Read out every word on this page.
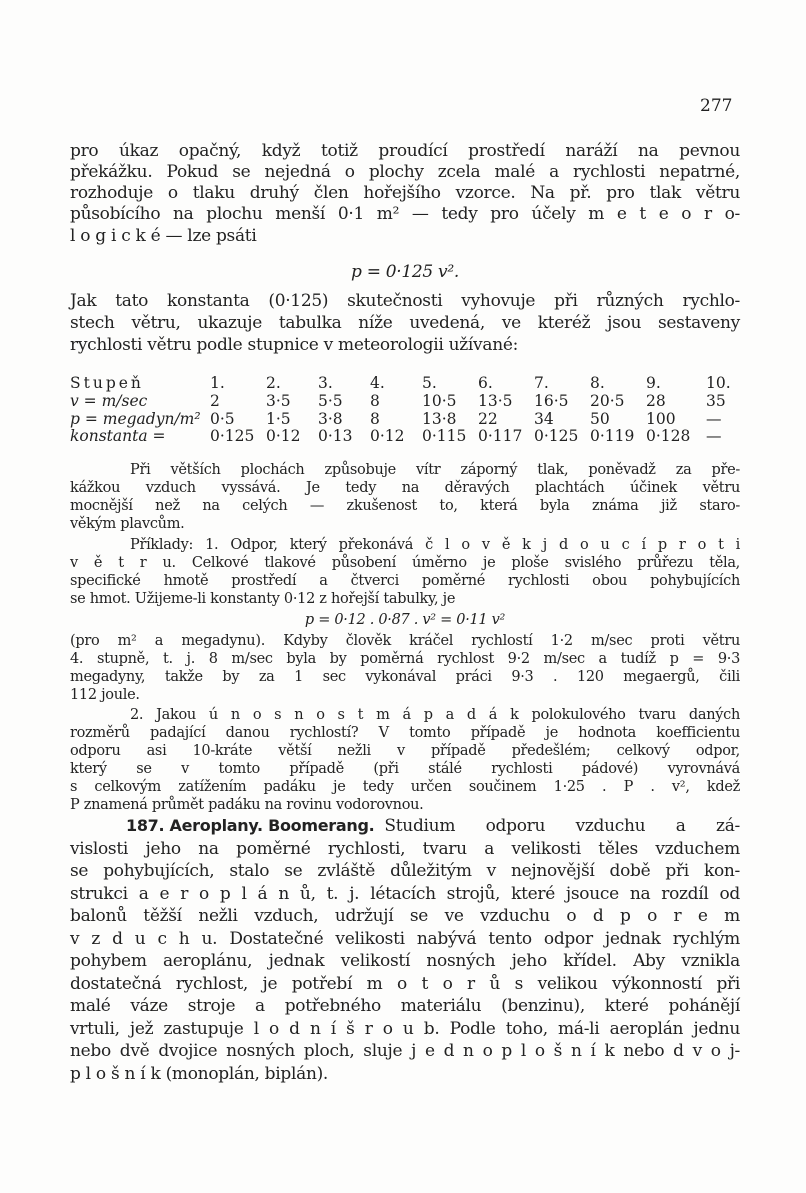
277
pro úkaz opačný, když totiž proudící prostředí naráží na pevnou
překážku. Pokud se nejedná o plochy zcela malé a rychlosti nepatrné,
rozhoduje o tlaku druhý člen hořejšího vzorce. Na př. pro tlak větru
působícího na plochu menší 0·1 m² — tedy pro účely m e t e o r o-
l o g i c k é — lze psáti
p = 0·125 v².
Jak tato konstanta (0·125) skutečnosti vyhovuje při různých rychlo-
stech větru, ukazuje tabulka níže uvedená, ve kteréž jsou sestaveny
rychlosti větru podle stupnice v meteorologii užívané:
Stupeň	1.	2. 3. 4. 5.	6.	7.	8.	9.	10.
v = m/sec	2	3·5 5·5 8	10·5 13·5 16·5 20·5 28	35
p = megadyn/m² 0·5 1·5 3·8 8	13·8 22 34 50 100 —
konstanta =	0·125 0·12 0·13 0·12 0·115 0·117 0·125 0·119 0·128 —
Při větších plochách způsobuje vítr záporný tlak, poněvadž za pře-
kážkou vzduch vyssává. Je tedy na děravých plachtách účinek větru
mocnější než na celých — zkušenost to, která byla známa již staro-
věkým plavcům.
Příklady: 1. Odpor, který překonává č l o v ě k j d o u c í p r o t i
v ě t r u. Celkové tlakové působení úměrno je ploše svislého průřezu těla,
specifické hmotě prostředí a čtverci poměrné rychlosti obou pohybujících
se hmot. Užijeme-li konstanty 0·12 z hořejší tabulky, je
p = 0·12 . 0·87 . v² = 0·11 v²
(pro m² a megadynu). Kdyby člověk kráčel rychlostí 1·2 m/sec proti větru
4. stupně, t. j. 8 m/sec byla by poměrná rychlost 9·2 m/sec a tudíž p = 9·3
megadyny, takže by za 1 sec vykonával práci 9·3 . 120 megaergů, čili
112 joule.
2. Jakou ú n o s n o s t m á p a d á k polokulového tvaru daných
rozměrů padající danou rychlostí? V tomto případě je hodnota koefficientu
odporu asi 10-kráte větší nežli v případě předešlém; celkový odpor,
který se v tomto případě (při stálé rychlosti pádové) vyrovnává
s celkovým zatížením padáku je tedy určen součinem 1·25 . P . v², kdež
P znamená průmět padáku na rovinu vodorovnou.
187. Aeroplany. Boomerang. Studium odporu vzduchu a zá-
vislosti jeho na poměrné rychlosti, tvaru a velikosti těles vzduchem
se pohybujících, stalo se zvláště důležitým v nejnovější době při kon-
strukci a e r o p l á n ů, t. j. létacích strojů, které jsouce na rozdíl od
balonů těžší nežli vzduch, udržují se ve vzduchu o d p o r e m
v z d u c h u. Dostatečné velikosti nabývá tento odpor jednak rychlým
pohybem aeroplánu, jednak velikostí nosných jeho křídel. Aby vznikla
dostatečná rychlost, je potřebí m o t o r ů s velikou výkonností při
malé váze stroje a potřebného materiálu (benzinu), které pohánějí
vrtuli, jež zastupuje l o d n í š r o u b. Podle toho, má-li aeroplán jednu
nebo dvě dvojice nosných ploch, sluje j e d n o p l o š n í k nebo d v o j-
p l o š n í k (monoplán, biplán).
